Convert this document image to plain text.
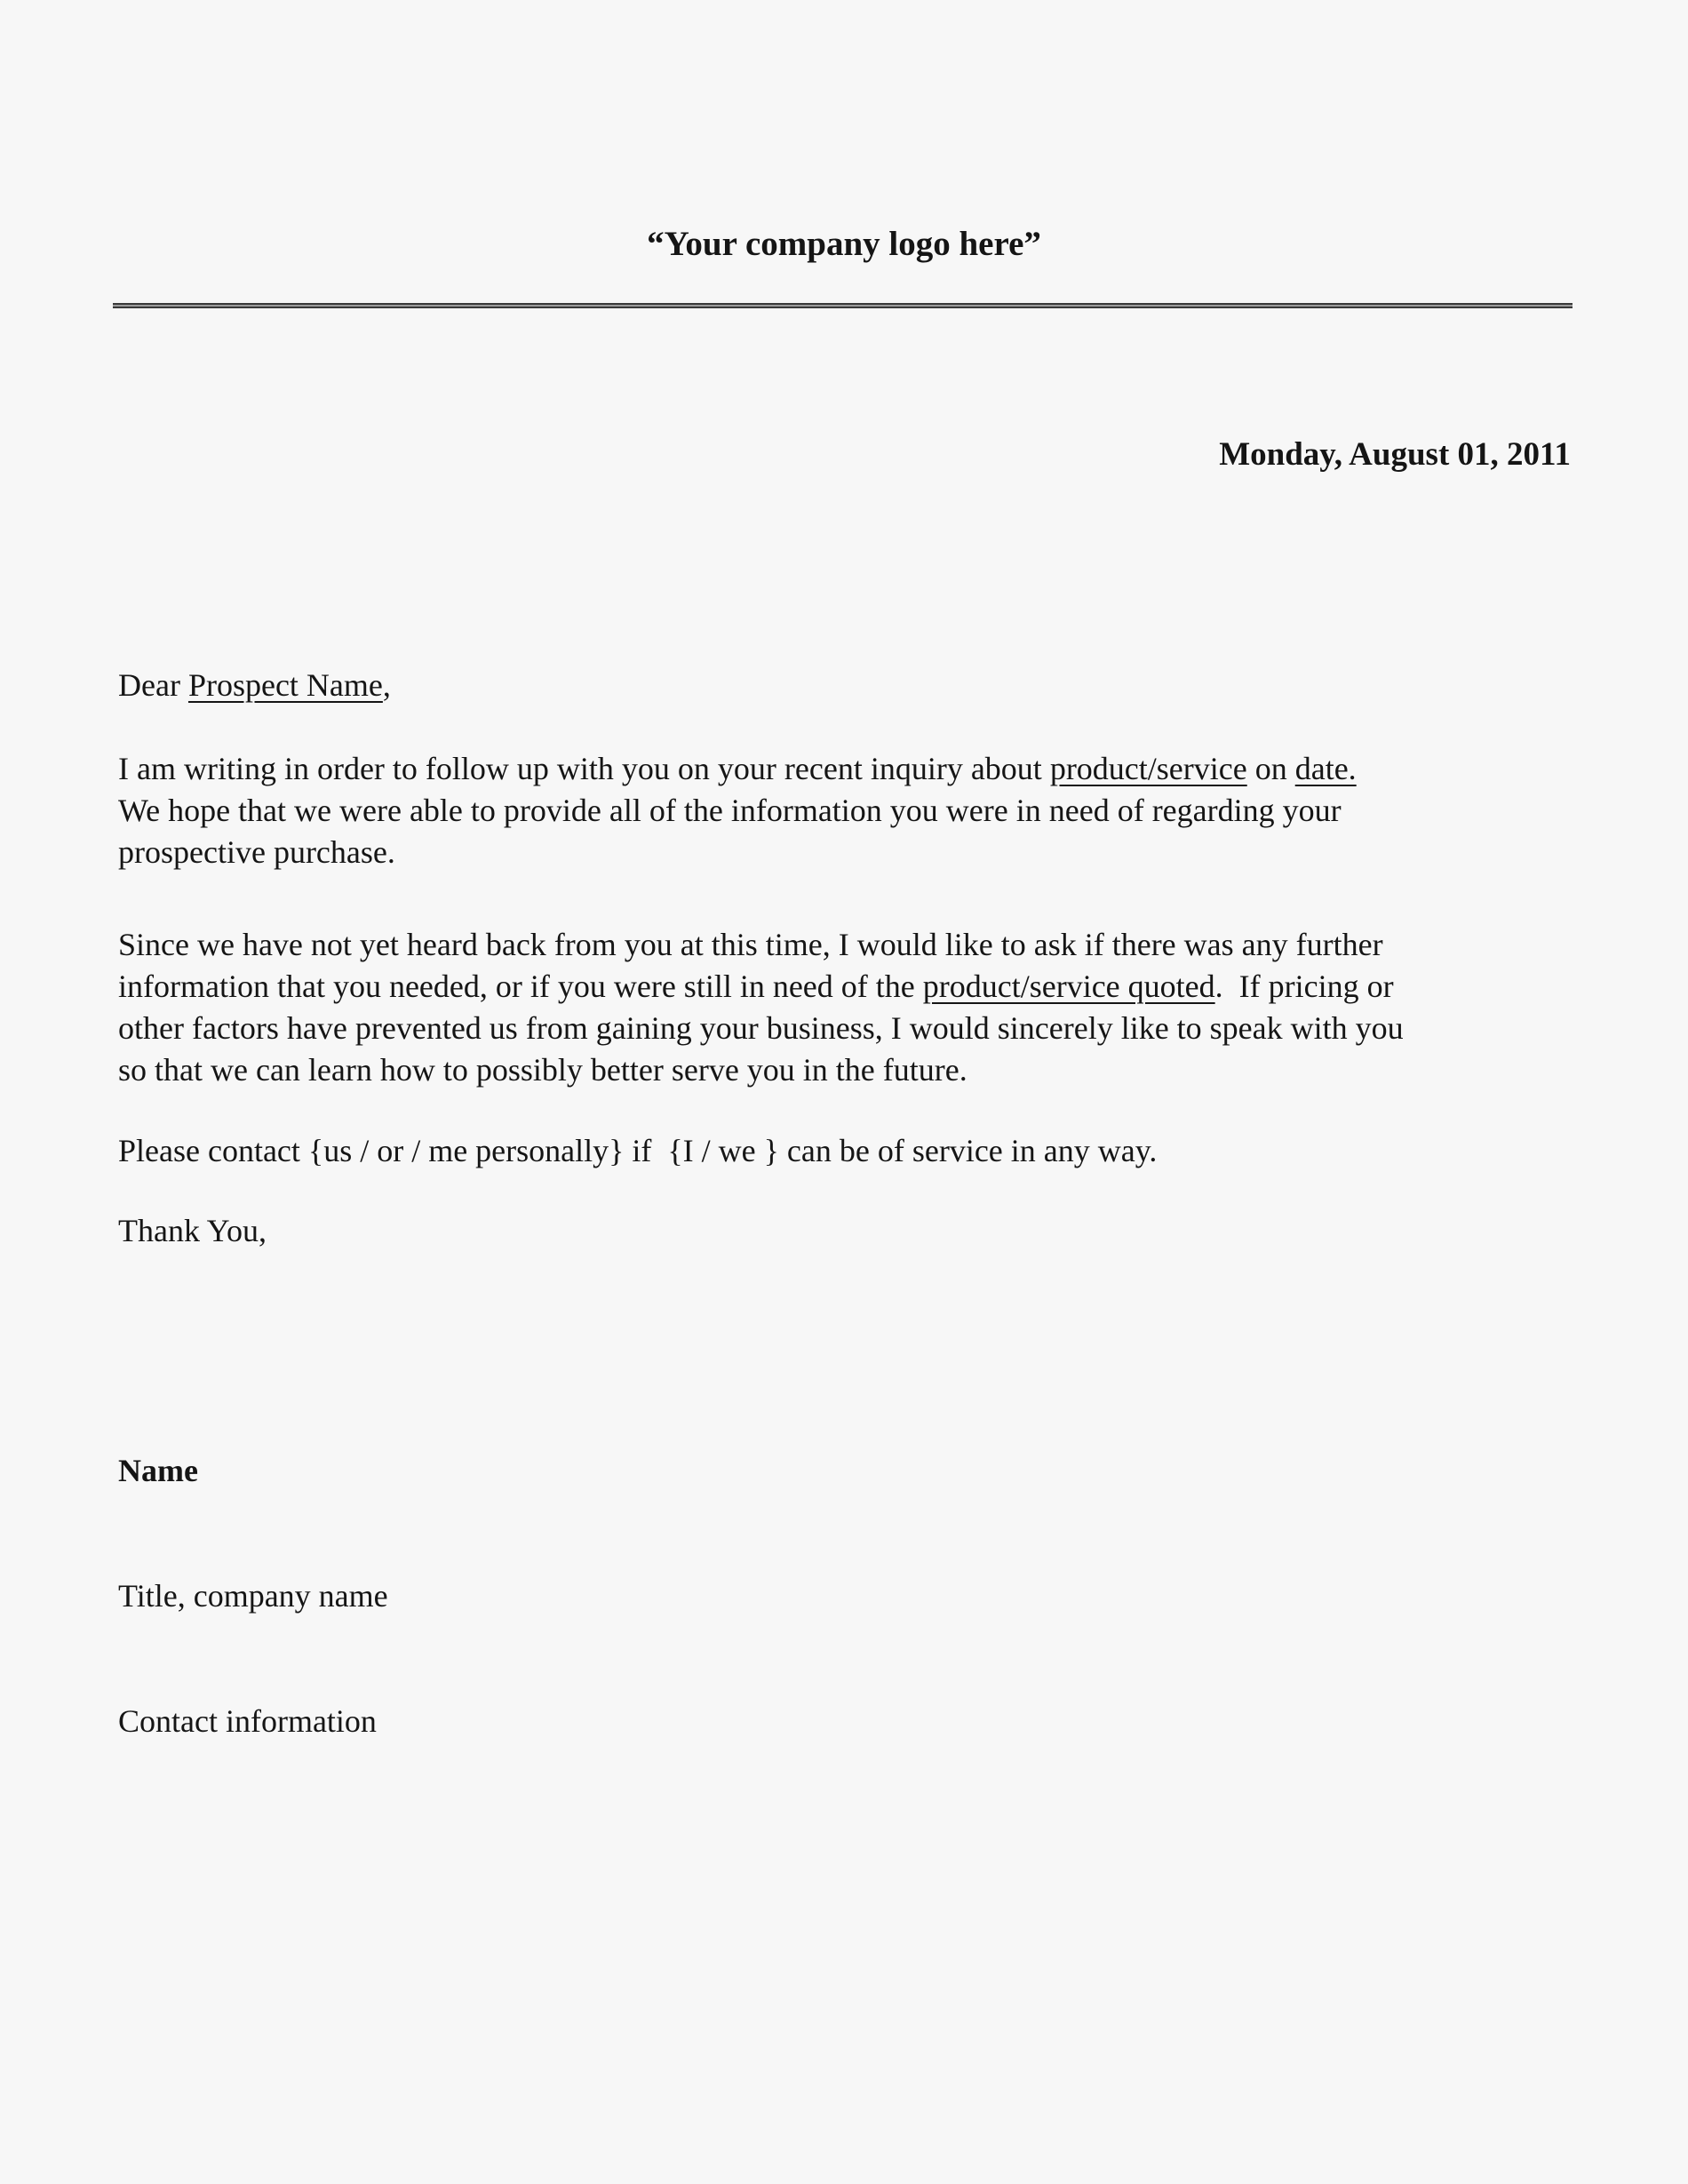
“Your company logo here”
Monday, August 01, 2011
Dear Prospect Name,
I am writing in order to follow up with you on your recent inquiry about product/service on date.
We hope that we were able to provide all of the information you were in need of regarding your
prospective purchase.
Since we have not yet heard back from you at this time, I would like to ask if there was any further
information that you needed, or if you were still in need of the product/service quoted.  If pricing or
other factors have prevented us from gaining your business, I would sincerely like to speak with you
so that we can learn how to possibly better serve you in the future.
Please contact {us / or / me personally} if  {I / we } can be of service in any way.
Thank You,

Name

Title, company name

Contact information
